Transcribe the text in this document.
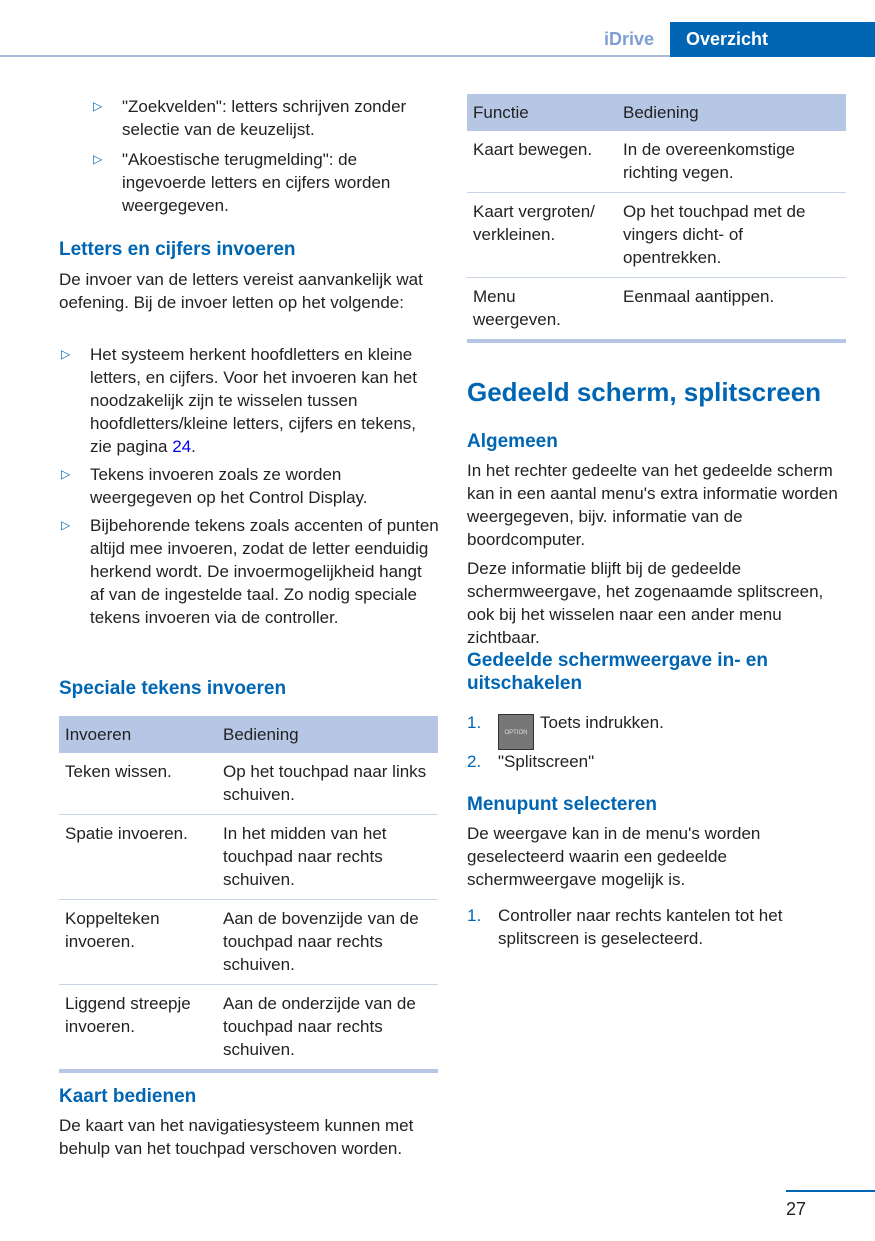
iDrive	Overzicht
▷ "Zoekvelden": letters schrijven zonder selectie van de keuzelijst.
▷ "Akoestische terugmelding": de ingevoerde letters en cijfers worden weergegeven.
Letters en cijfers invoeren

De invoer van de letters vereist aanvankelijk wat oefening. Bij de invoer letten op het volgende:

▷ Het systeem herkent hoofdletters en kleine letters, en cijfers. Voor het invoeren kan het noodzakelijk zijn te wisselen tussen hoofdletters/kleine letters, cijfers en tekens, zie pagina 24.
▷ Tekens invoeren zoals ze worden weergegeven op het Control Display.
▷ Bijbehorende tekens zoals accenten of punten altijd mee invoeren, zodat de letter eenduidig herkend wordt. De invoermogelijkheid hangt af van de ingestelde taal. Zo nodig speciale tekens invoeren via de controller.
Speciale tekens invoeren
Invoeren	Bediening
Teken wissen.	Op het touchpad naar links schuiven.
Spatie invoeren.	In het midden van het touchpad naar rechts schuiven.
Koppelteken invoeren.	Aan de bovenzijde van de touchpad naar rechts schuiven.
Liggend streepje invoeren.	Aan de onderzijde van de touchpad naar rechts schuiven.
Kaart bedienen

De kaart van het navigatiesysteem kunnen met behulp van het touchpad verschoven worden.

Functie	Bediening
Kaart bewegen.	In de overeenkomstige richting vegen.
Kaart vergroten/ verkleinen.	Op het touchpad met de vingers dicht- of opentrekken.
Menu weergeven.	Eenmaal aantippen.
Gedeeld scherm, splitscreen
Algemeen

In het rechter gedeelte van het gedeelde scherm kan in een aantal menu's extra informatie worden weergegeven, bijv. informatie van de boordcomputer.

Deze informatie blijft bij de gedeelde schermweergave, het zogenaamde splitscreen, ook bij het wisselen naar een ander menu zichtbaar.

Gedeelde schermweergave in- en uitschakelen
1.
OPTIONToets indrukken.
2. "Splitscreen"
Menupunt selecteren

De weergave kan in de menu's worden geselecteerd waarin een gedeelde schermweergave mogelijk is.

1. Controller naar rechts kantelen tot het splitscreen is geselecteerd.
27
